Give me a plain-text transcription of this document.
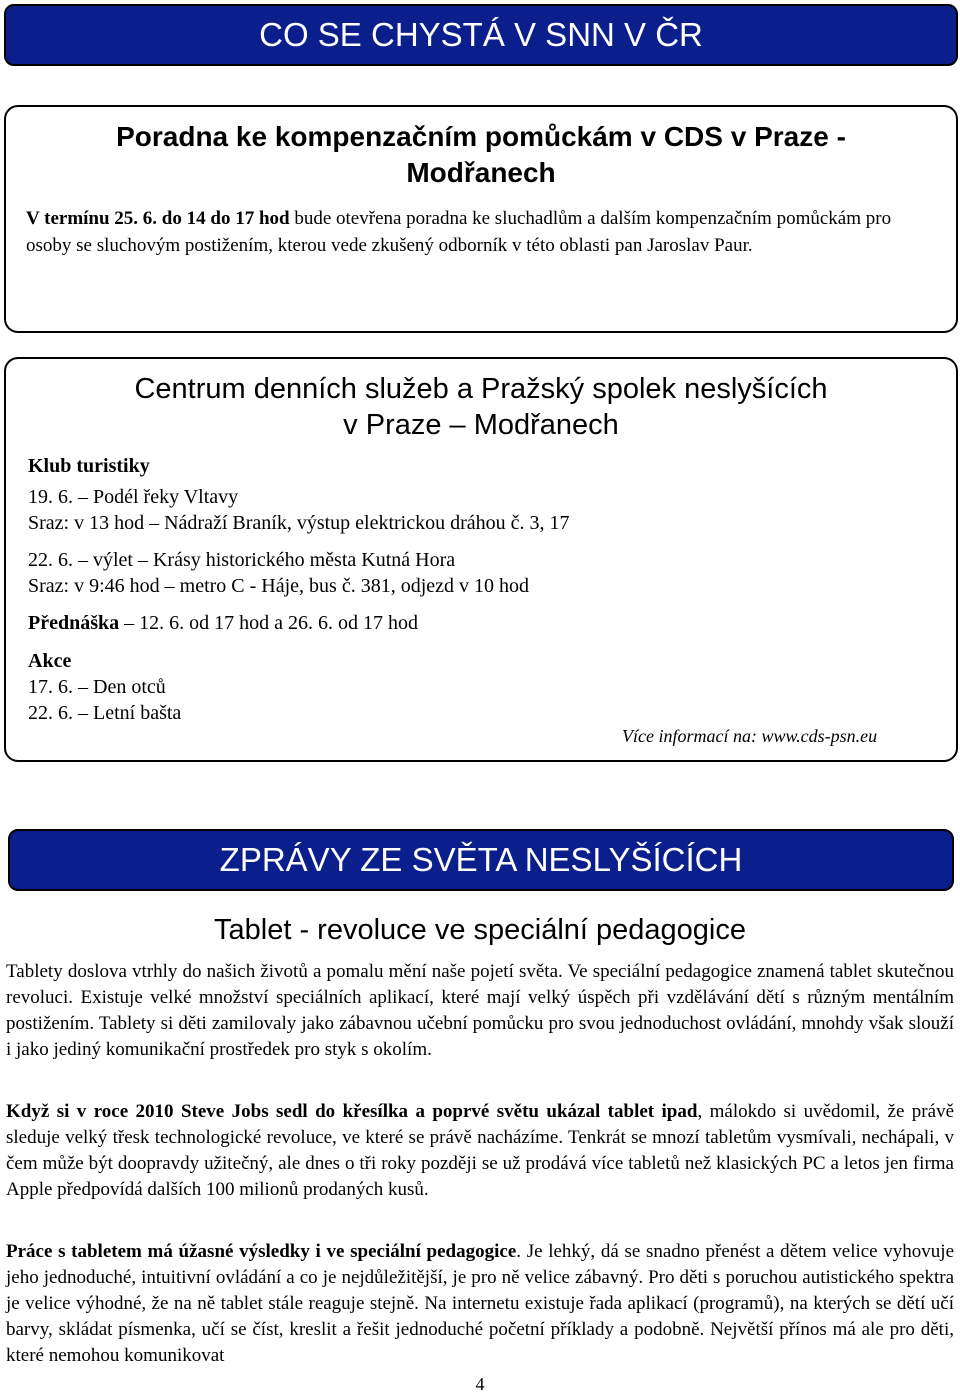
CO SE CHYSTÁ V SNN V ČR
Poradna ke kompenzačním pomůckám v CDS v Praze -
Modřanech
V termínu 25. 6. do 14 do 17 hod bude otevřena poradna ke sluchadlům a dalším kompenzačním pomůckám pro osoby se sluchovým postižením, kterou vede zkušený odborník v této oblasti pan Jaroslav Paur.
Centrum denních služeb a Pražský spolek neslyšících
v Praze – Modřanech
Klub turistiky
19. 6. – Podél řeky Vltavy
Sraz: v 13 hod – Nádraží Braník, výstup elektrickou dráhou č. 3, 17
22. 6. – výlet – Krásy historického města Kutná Hora
Sraz: v 9:46 hod – metro C - Háje, bus č. 381, odjezd v 10 hod
Přednáška – 12. 6. od 17 hod a 26. 6. od 17 hod
Akce
17. 6. – Den otců
22. 6. – Letní bašta
Více informací na: www.cds-psn.eu
ZPRÁVY ZE SVĚTA NESLYŠÍCÍCH
Tablet - revoluce ve speciální pedagogice
Tablety doslova vtrhly do našich životů a pomalu mění naše pojetí světa. Ve speciální pedagogice znamená tablet skutečnou revoluci. Existuje velké množství speciálních aplikací, které mají velký úspěch při vzdělávání dětí s různým mentálním postižením. Tablety si děti zamilovaly jako zábavnou učební pomůcku pro svou jednoduchost ovládání, mnohdy však slouží i jako jediný komunikační prostředek pro styk s okolím.
Když si v roce 2010 Steve Jobs sedl do křesílka a poprvé světu ukázal tablet ipad, málokdo si uvědomil, že právě sleduje velký třesk technologické revoluce, ve které se právě nacházíme. Tenkrát se mnozí tabletům vysmívali, nechápali, v čem může být doopravdy užitečný, ale dnes o tři roky později se už prodává více tabletů než klasických PC a letos jen firma Apple předpovídá dalších 100 milionů prodaných kusů.
Práce s tabletem má úžasné výsledky i ve speciální pedagogice. Je lehký, dá se snadno přenést a dětem velice vyhovuje jeho jednoduché, intuitivní ovládání a co je nejdůležitější, je pro ně velice zábavný. Pro děti s poruchou autistického spektra je velice výhodné, že na ně tablet stále reaguje stejně. Na internetu existuje řada aplikací (programů), na kterých se dětí učí barvy, skládat písmenka, učí se číst, kreslit a řešit jednoduché početní příklady a podobně. Největší přínos má ale pro děti, které nemohou komunikovat
4
